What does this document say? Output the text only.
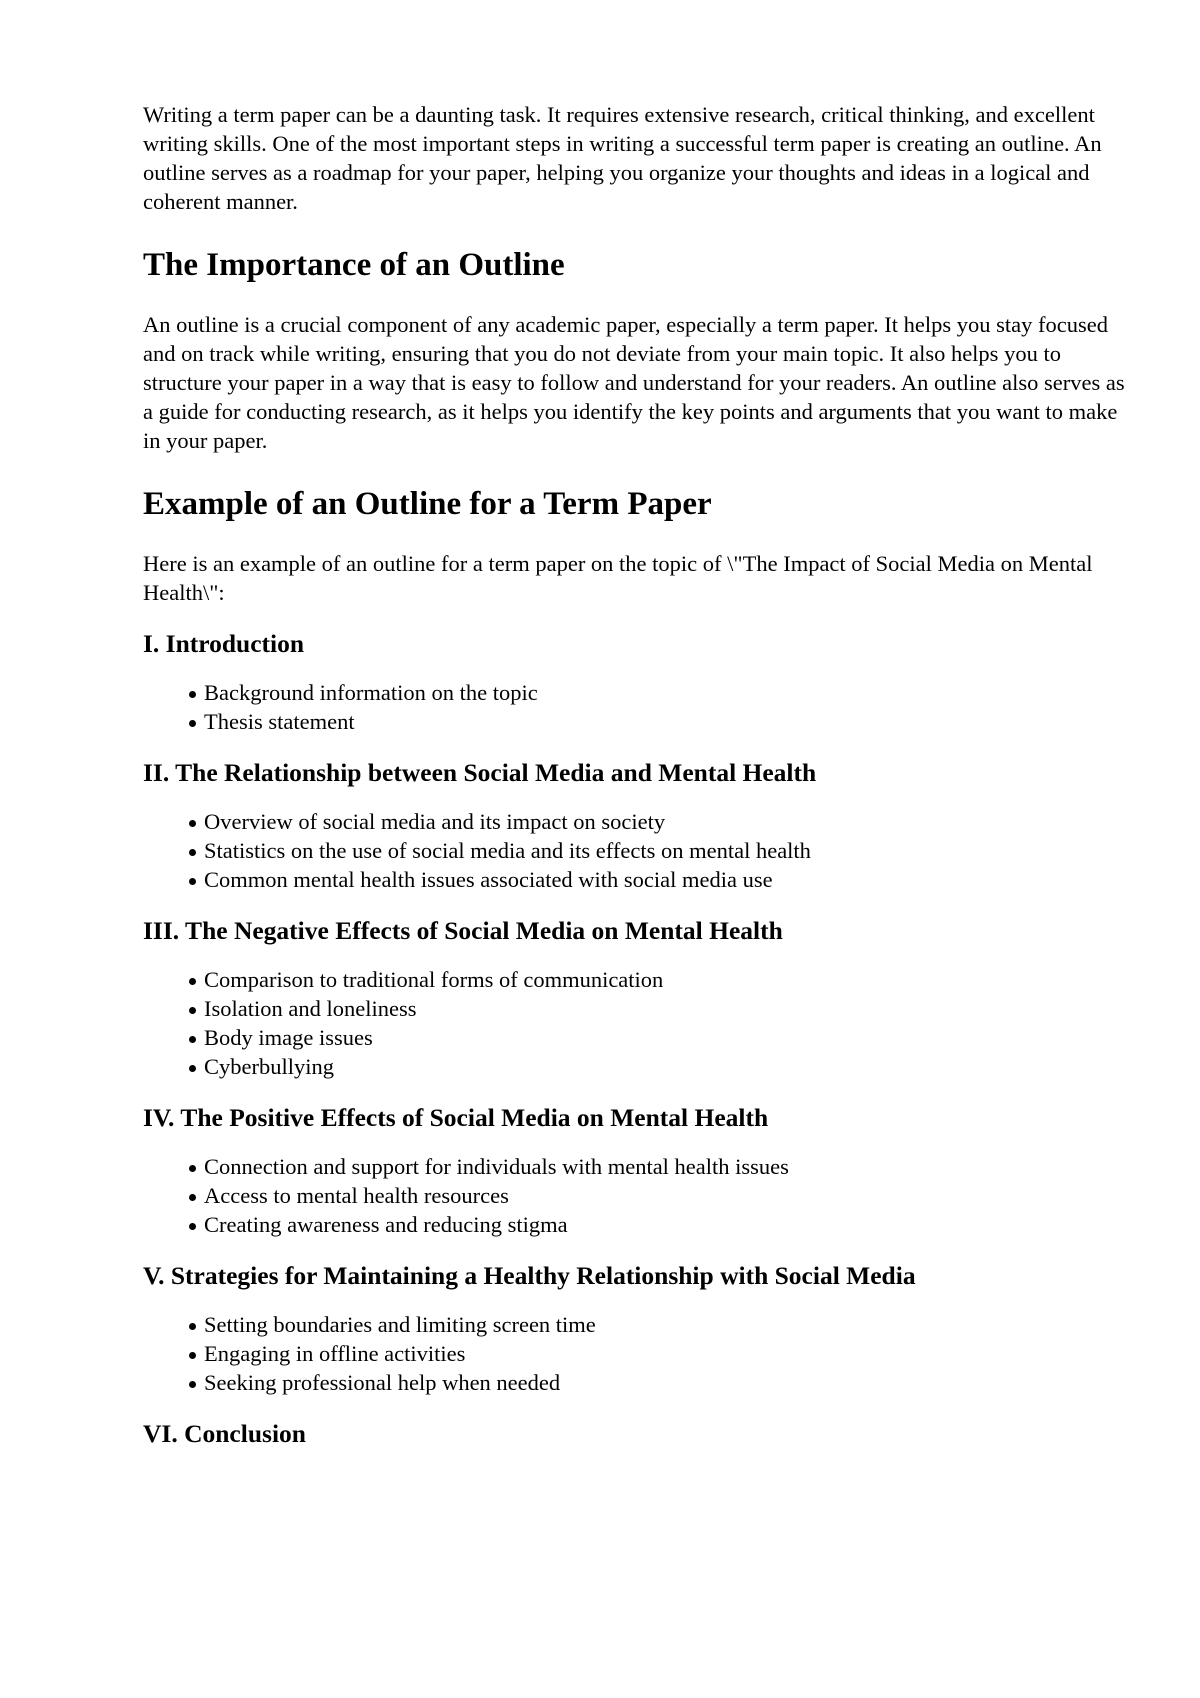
Writing a term paper can be a daunting task. It requires extensive research, critical thinking, and excellent writing skills. One of the most important steps in writing a successful term paper is creating an outline. An outline serves as a roadmap for your paper, helping you organize your thoughts and ideas in a logical and coherent manner.

The Importance of an Outline

An outline is a crucial component of any academic paper, especially a term paper. It helps you stay focused and on track while writing, ensuring that you do not deviate from your main topic. It also helps you to structure your paper in a way that is easy to follow and understand for your readers. An outline also serves as a guide for conducting research, as it helps you identify the key points and arguments that you want to make in your paper.

Example of an Outline for a Term Paper

Here is an example of an outline for a term paper on the topic of \"The Impact of Social Media on Mental Health\":

I. Introduction
Background information on the topic
Thesis statement
II. The Relationship between Social Media and Mental Health
Overview of social media and its impact on society
Statistics on the use of social media and its effects on mental health
Common mental health issues associated with social media use
III. The Negative Effects of Social Media on Mental Health
Comparison to traditional forms of communication
Isolation and loneliness
Body image issues
Cyberbullying
IV. The Positive Effects of Social Media on Mental Health
Connection and support for individuals with mental health issues
Access to mental health resources
Creating awareness and reducing stigma
V. Strategies for Maintaining a Healthy Relationship with Social Media
Setting boundaries and limiting screen time
Engaging in offline activities
Seeking professional help when needed
VI. Conclusion
